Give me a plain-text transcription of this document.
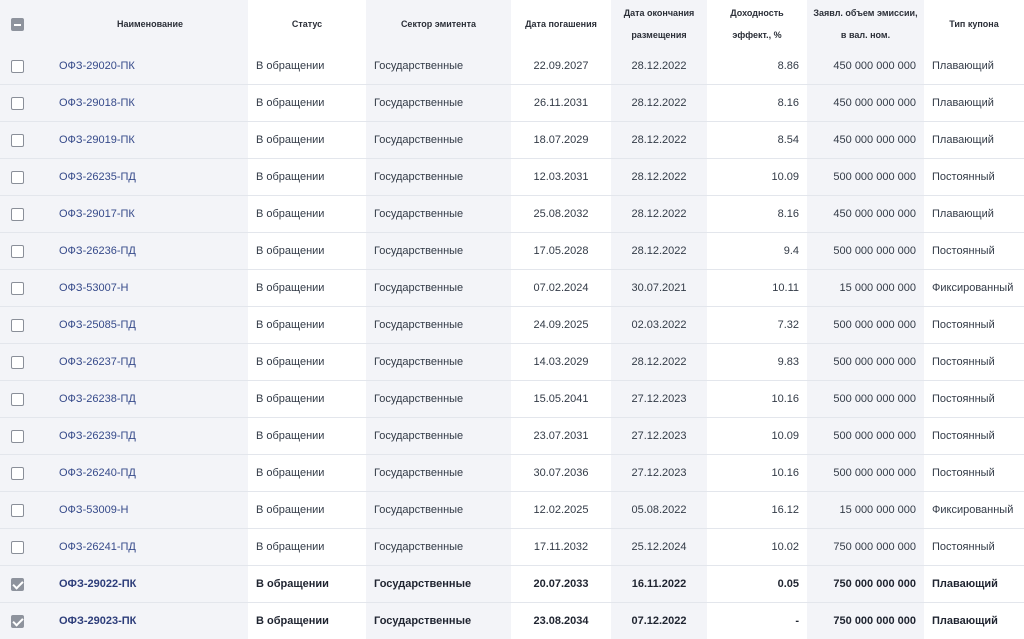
	Наименование	Статус	Сектор эмитента	Дата погашения	Дата окончания размещения	Доходность эффект., %	Заявл. объем эмиссии, в вал. ном.	Тип купона
	ОФЗ-29020-ПК	В обращении	Государственные	22.09.2027	28.12.2022	8.86	450 000 000 000	Плавающий
	ОФЗ-29018-ПК	В обращении	Государственные	26.11.2031	28.12.2022	8.16	450 000 000 000	Плавающий
	ОФЗ-29019-ПК	В обращении	Государственные	18.07.2029	28.12.2022	8.54	450 000 000 000	Плавающий
	ОФЗ-26235-ПД	В обращении	Государственные	12.03.2031	28.12.2022	10.09	500 000 000 000	Постоянный
	ОФЗ-29017-ПК	В обращении	Государственные	25.08.2032	28.12.2022	8.16	450 000 000 000	Плавающий
	ОФЗ-26236-ПД	В обращении	Государственные	17.05.2028	28.12.2022	9.4	500 000 000 000	Постоянный
	ОФЗ-53007-Н	В обращении	Государственные	07.02.2024	30.07.2021	10.11	15 000 000 000	Фиксированный
	ОФЗ-25085-ПД	В обращении	Государственные	24.09.2025	02.03.2022	7.32	500 000 000 000	Постоянный
	ОФЗ-26237-ПД	В обращении	Государственные	14.03.2029	28.12.2022	9.83	500 000 000 000	Постоянный
	ОФЗ-26238-ПД	В обращении	Государственные	15.05.2041	27.12.2023	10.16	500 000 000 000	Постоянный
	ОФЗ-26239-ПД	В обращении	Государственные	23.07.2031	27.12.2023	10.09	500 000 000 000	Постоянный
	ОФЗ-26240-ПД	В обращении	Государственные	30.07.2036	27.12.2023	10.16	500 000 000 000	Постоянный
	ОФЗ-53009-Н	В обращении	Государственные	12.02.2025	05.08.2022	16.12	15 000 000 000	Фиксированный
	ОФЗ-26241-ПД	В обращении	Государственные	17.11.2032	25.12.2024	10.02	750 000 000 000	Постоянный
	ОФЗ-29022-ПК	В обращении	Государственные	20.07.2033	16.11.2022	0.05	750 000 000 000	Плавающий
	ОФЗ-29023-ПК	В обращении	Государственные	23.08.2034	07.12.2022	-	750 000 000 000	Плавающий
